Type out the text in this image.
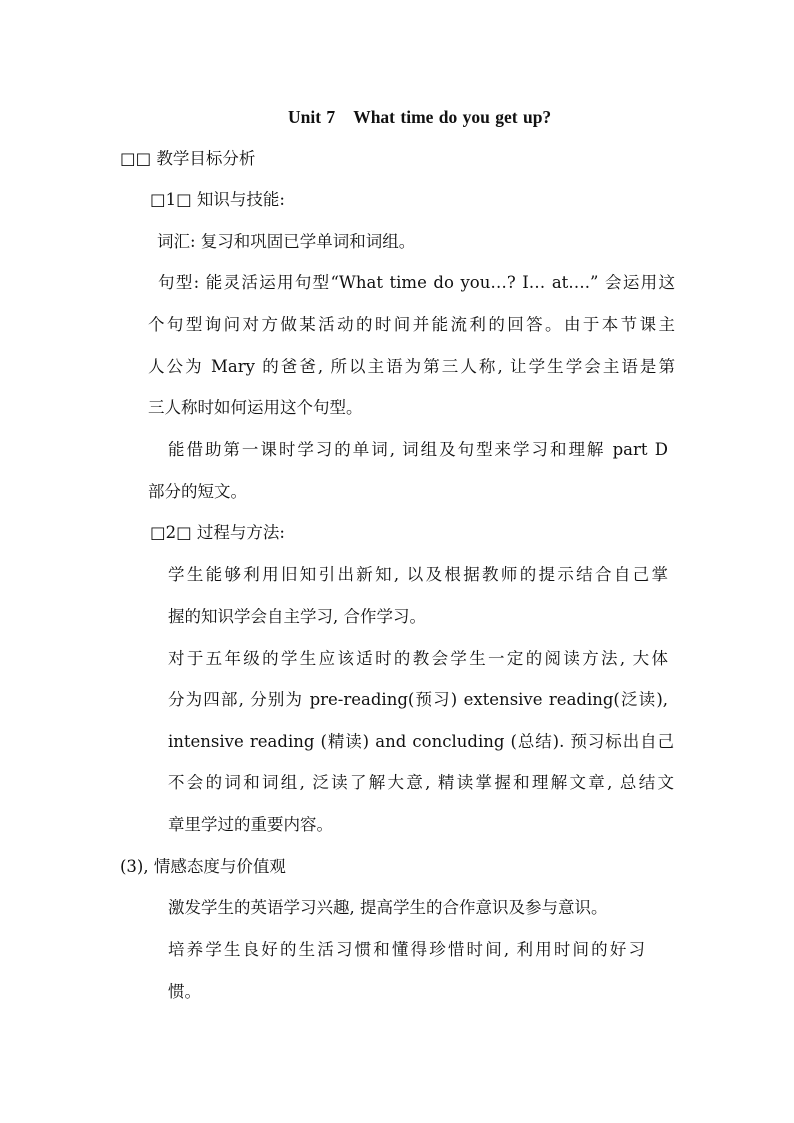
Unit 7 What time do you get up?
□□ 教学目标分析
□1□ 知识与技能:
词汇: 复习和巩固已学单词和词组。
句型: 能灵活运用句型“What time do you…? I… at….” 会运用这
个句型询问对方做某活动的时间并能流利的回答。由于本节课主
人公为 Mary 的爸爸, 所以主语为第三人称, 让学生学会主语是第
三人称时如何运用这个句型。
能借助第一课时学习的单词, 词组及句型来学习和理解 part D
部分的短文。
□2□ 过程与方法:
学生能够利用旧知引出新知, 以及根据教师的提示结合自己掌
握的知识学会自主学习, 合作学习。
对于五年级的学生应该适时的教会学生一定的阅读方法, 大体
分为四部, 分别为 pre-reading(预习) extensive reading(泛读),
intensive reading (精读) and concluding (总结). 预习标出自己
不会的词和词组, 泛读了解大意, 精读掌握和理解文章, 总结文
章里学过的重要内容。
(3), 情感态度与价值观
激发学生的英语学习兴趣, 提高学生的合作意识及参与意识。
培养学生良好的生活习惯和懂得珍惜时间, 利用时间的好习
惯。
